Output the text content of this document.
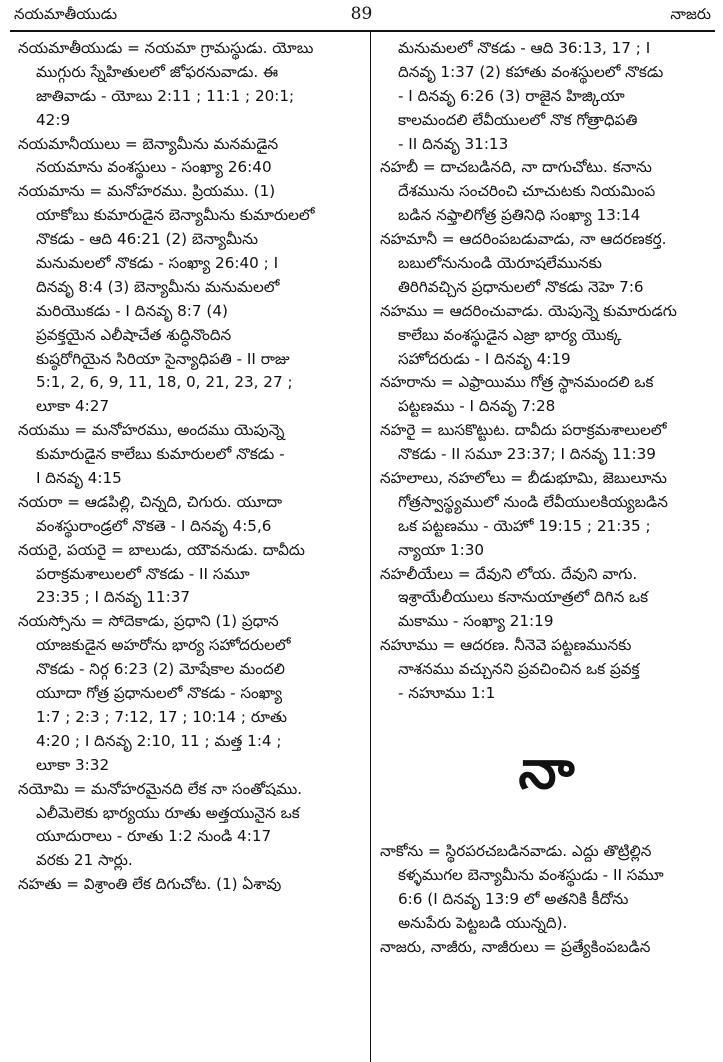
నయమాతీయుడు	89	నాజరు
నయమాతీయుడు = నయమా గ్రామస్థుడు. యోబు
ముగ్గురు స్నేహితులలో జోఫరనువాడు. ఈ
జాతివాడు - యోబు 2:11 ; 11:1 ; 20:1;
42:9
నయమానీయులు = బెన్యామీను మనమడైన
నయమాను వంశస్థులు - సంఖ్యా 26:40
నయమాను = మనోహరము. ప్రియము. (1)
యాకోబు కుమారుడైన బెన్యామీను కుమారులలో
నొకడు - ఆది 46:21 (2) బెన్యామీను
మనుమలలో నొకడు - సంఖ్యా 26:40 ; I
దినవృ 8:4 (3) బెన్యామీను మనుమలలో
మరియొకడు - I దినవృ 8:7 (4)
ప్రవక్తయైన ఎలీషాచేత శుద్ధినొందిన
కుష్ఠరోగియైన సిరియా సైన్యాధిపతి - II రాజు
5:1, 2, 6, 9, 11, 18, 0, 21, 23, 27 ;
లూకా 4:27
నయము = మనోహరము, అందము యెపున్నె
కుమారుడైన కాలేబు కుమారులలో నొకడు -
I దినవృ 4:15
నయరా = ఆడపిల్లి, చిన్నది, చిగురు. యూదా
వంశస్థురాండ్రలో నొకతె - I దినవృ 4:5,6
నయరై, పయరై = బాలుడు, యౌవనుడు. దావీదు
పరాక్రమశాలులలో నొకడు - II సమూ
23:35 ; I దినవృ 11:37
నయస్సోను = సోదెకాడు, ప్రధాని (1) ప్రధాన
యాజకుడైన అహరోను భార్య సహోదరులలో
నొకడు - నిర్గ 6:23 (2) మోషేకాల మందలి
యూదా గోత్ర ప్రధానులలో నొకడు - సంఖ్యా
1:7 ; 2:3 ; 7:12, 17 ; 10:14 ; రూతు
4:20 ; I దినవృ 2:10, 11 ; మత్త 1:4 ;
లూకా 3:32
నయోమి = మనోహరమైనది లేక నా సంతోషము.
ఎలీమెలెకు భార్యయు రూతు అత్తయునైన ఒక
యూదురాలు - రూతు 1:2 నుండి 4:17
వరకు 21 సార్లు.
నహతు = విశ్రాంతి లేక దిగుచోట. (1) ఏశావు
మనుమలలో నొకడు - ఆది 36:13, 17 ; I
దినవృ 1:37 (2) కహాతు వంశస్థులలో నొకడు
- I దినవృ 6:26 (3) రాజైన హిజ్కియా
కాలమందలి లేవీయులలో నొక గోత్రాధిపతి
- II దినవృ 31:13
నహబీ = దాచబడినది, నా దాగుచోటు. కనాను
దేశమును సంచరించి చూచుటకు నియమింప
బడిన నఫ్తాలిగోత్ర ప్రతినిధి సంఖ్యా 13:14
నహమానీ = ఆదరింపబడువాడు, నా ఆదరణకర్త.
బబులోనునుండి యెరూషలేమునకు
తిరిగివచ్చిన ప్రధానులలో నొకడు నెహె 7:6
నహము = ఆదరించువాడు. యెపున్నె కుమారుడగు
కాలేబు వంశస్థుడైన ఎజ్రా భార్య యొక్క
సహోదరుడు - I దినవృ 4:19
నహరాను = ఎఫ్రాయిము గోత్ర స్థానమందలి ఒక
పట్టణము - I దినవృ 7:28
నహరై = బుసకొట్టుట. దావీదు పరాక్రమశాలులలో
నొకడు - II సమూ 23:37; I దినవృ 11:39
నహలాలు, నహలోలు = బీడుభూమి, జెబులూను
గోత్రస్వాస్థ్యములో నుండి లేవీయులకియ్యబడిన
ఒక పట్టణము - యెహో 19:15 ; 21:35 ;
న్యాయా 1:30
నహలీయేలు = దేవుని లోయ. దేవుని వాగు.
ఇశ్రాయేలీయులు కనానుయాత్రలో దిగిన ఒక
మకాము - సంఖ్యా 21:19
నహూము = ఆదరణ. నీనెవె పట్టణమునకు
నాశనము వచ్చునని ప్రవచించిన ఒక ప్రవక్త
- నహూము 1:1
నా
నాకోను = స్థిరపరచబడినవాడు. ఎద్దు తొట్రిల్లిన
కళ్ళముగల బెన్యామీను వంశస్థుడు - II సమూ
6:6 (I దినవృ 13:9 లో అతనికి కీదోను
అనుపేరు పెట్టబడి యున్నది).
నాజరు, నాజీరు, నాజీరులు = ప్రత్యేకింపబడిన
